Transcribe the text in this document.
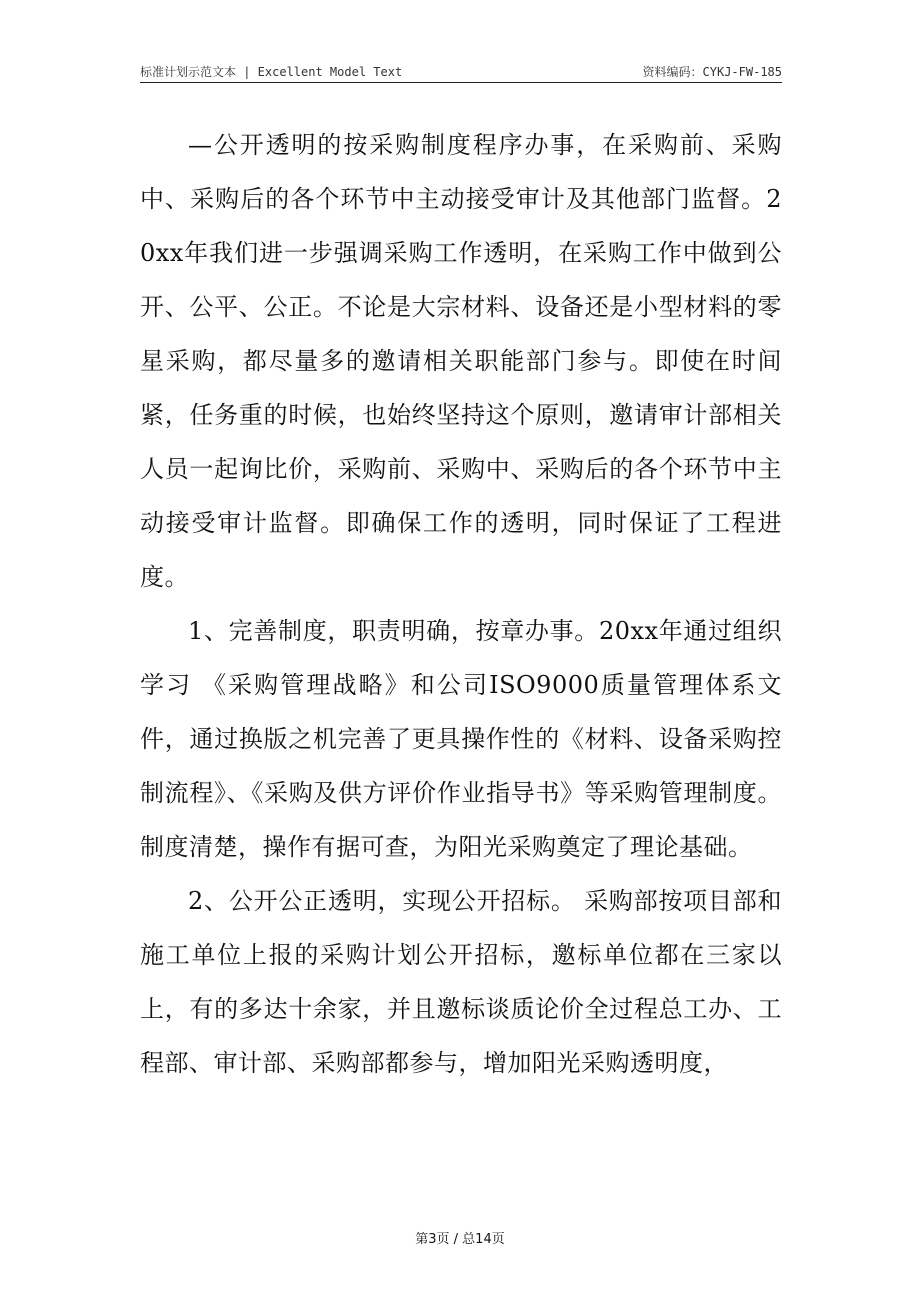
标准计划示范文本 | Excellent Model Text	资料编码：CYKJ-FW-185

—公开透明的按采购制度程序办事，在采购前、采购中、采购后的各个环节中主动接受审计及其他部门监督。20xx年我们进一步强调采购工作透明，在采购工作中做到公开、公平、公正。不论是大宗材料、设备还是小型材料的零星采购，都尽量多的邀请相关职能部门参与。即使在时间紧，任务重的时候，也始终坚持这个原则，邀请审计部相关人员一起询比价，采购前、采购中、采购后的各个环节中主动接受审计监督。即确保工作的透明，同时保证了工程进度。

1、完善制度，职责明确，按章办事。20xx年通过组织学习 《采购管理战略》和公司ISO9000质量管理体系文件，通过换版之机完善了更具操作性的《材料、设备采购控制流程》、《采购及供方评价作业指导书》等采购管理制度。制度清楚，操作有据可查，为阳光采购奠定了理论基础。

2、公开公正透明，实现公开招标。 采购部按项目部和施工单位上报的采购计划公开招标，邀标单位都在三家以上，有的多达十余家，并且邀标谈质论价全过程总工办、工程部、审计部、采购部都参与，增加阳光采购透明度，

第3页 / 总14页
